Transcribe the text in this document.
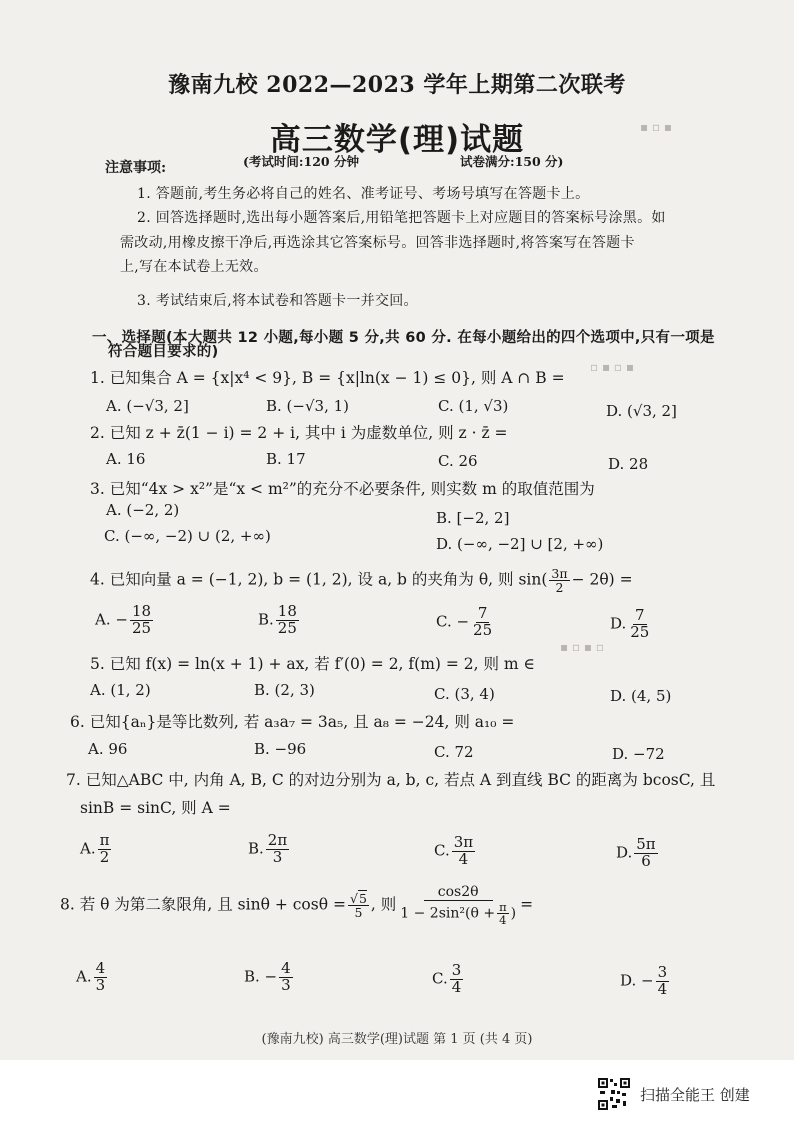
▪ ▫ ▪
▫ ▪ ▫ ▪
▪ ▫ ▪ ▫
豫南九校 2022—2023 学年上期第二次联考
高三数学(理)试题
(考试时间:120 分钟	试卷满分:150 分)
注意事项:
1. 答题前,考生务必将自己的姓名、准考证号、考场号填写在答题卡上。
2. 回答选择题时,选出每小题答案后,用铅笔把答题卡上对应题目的答案标号涂黑。如
需改动,用橡皮擦干净后,再选涂其它答案标号。回答非选择题时,将答案写在答题卡
上,写在本试卷上无效。
3. 考试结束后,将本试卷和答题卡一并交回。
一、选择题(本大题共 12 小题,每小题 5 分,共 60 分. 在每小题给出的四个选项中,只有一项是
符合题目要求的)
1. 已知集合 A = {x|x⁴ < 9}, B = {x|ln(x − 1) ≤ 0}, 则 A ∩ B =
A. (−√3, 2]	B. (−√3, 1)	C. (1, √3)	D. (√3, 2]
2. 已知 z + z̄(1 − i) = 2 + i, 其中 i 为虚数单位, 则 z · z̄ =
A. 16	B. 17	C. 26	D. 28
3. 已知“4x > x²”是“x < m²”的充分不必要条件, 则实数 m 的取值范围为
A. (−2, 2)	B. [−2, 2]
C. (−∞, −2) ∪ (2, +∞)	D. (−∞, −2] ∪ [2, +∞)
4. 已知向量 a = (−1, 2), b = (1, 2), 设 a, b 的夹角为 θ, 则 $\sin( \frac{3\pi}{2} - 2\theta)$ =
A. − $\frac{18}{25}$	B. $\frac{18}{25}$	C. − $\frac{7}{25}$	D. $\frac{7}{25}$
5. 已知 f(x) = ln(x + 1) + ax, 若 f′(0) = 2, f(m) = 2, 则 m ∈
A. (1, 2)	B. (2, 3)	C. (3, 4)	D. (4, 5)
6. 已知{aₙ}是等比数列, 若 a₃a₇ = 3a₅, 且 a₈ = −24, 则 a₁₀ =
A. 96	B. −96	C. 72	D. −72
7. 已知△ABC 中, 内角 A, B, C 的对边分别为 a, b, c, 若点 A 到直线 BC 的距离为 bcosC, 且
sinB = sinC, 则 A =
A. $\frac{\pi}{2}$	B. $\frac{2\pi}{3}$	C. $\frac{3\pi}{4}$	D. $\frac{5\pi}{6}$
8. 若 θ 为第二象限角, 且 $\sin\theta + \cos\theta = \frac{√5}{5}$ , 则 $\frac{\cos 2\theta}{1 - 2\sin^2(\theta + \frac{\pi}{4} )}$ =
A. $\frac{4}{3}$	B. − $\frac{4}{3}$	C. $\frac{3}{4}$	D. − $\frac{3}{4}$
(豫南九校) 高三数学(理)试题 第 1 页 (共 4 页)
扫描全能王 创建
